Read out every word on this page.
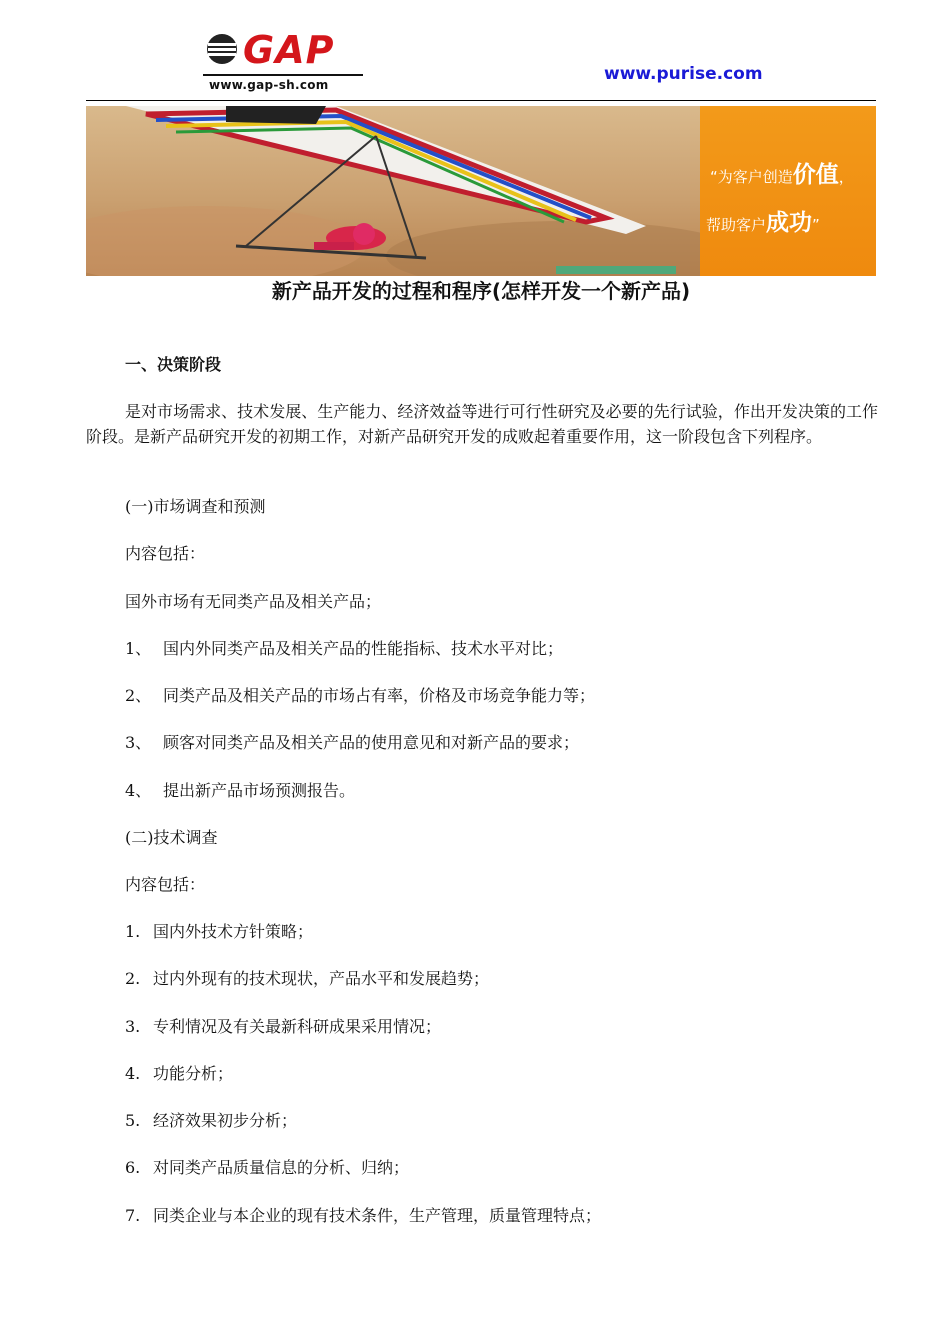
GAP
www.gap-sh.com
www.purise.com
“为客户创造价值，
帮助客户成功”
新产品开发的过程和程序(怎样开发一个新产品)
一、决策阶段
是对市场需求、技术发展、生产能力、经济效益等进行可行性研究及必要的先行试验，作出开发决策的工作阶段。是新产品研究开发的初期工作，对新产品研究开发的成败起着重要作用，这一阶段包含下列程序。
(一)市场调查和预测
内容包括：
国外市场有无同类产品及相关产品；
1、 国内外同类产品及相关产品的性能指标、技术水平对比；
2、 同类产品及相关产品的市场占有率，价格及市场竞争能力等；
3、 顾客对同类产品及相关产品的使用意见和对新产品的要求；
4、 提出新产品市场预测报告。
(二)技术调查
内容包括：
1. 国内外技术方针策略；
2. 过内外现有的技术现状，产品水平和发展趋势；
3. 专利情况及有关最新科研成果采用情况；
4. 功能分析；
5. 经济效果初步分析；
6. 对同类产品质量信息的分析、归纳；
7. 同类企业与本企业的现有技术条件，生产管理，质量管理特点；
